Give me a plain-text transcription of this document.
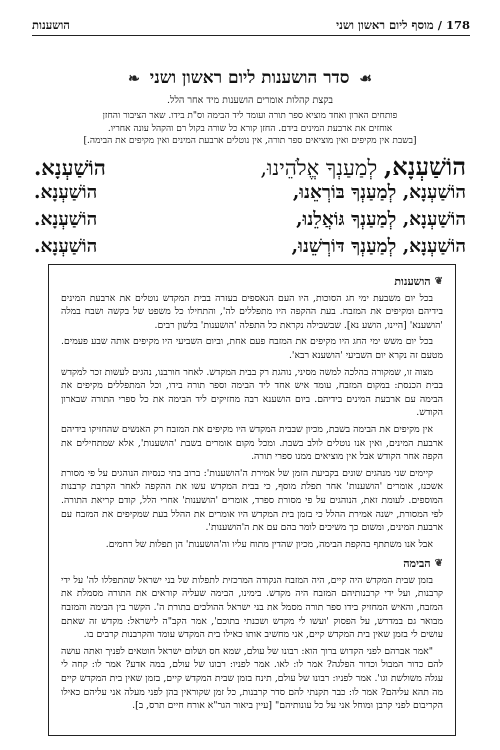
178 / מוסף ליום ראשון ושני
הושענות
☙ סדר הושענות ליום ראשון ושני ❧
בקצת קהלות אומרים הושענות מיד אחר הלל.
פותחים הארון ואחד מוציא ספר תורה ועומד ליד הבימה וס"ת בידו. שאר הציבור והחזן
אוחזים את ארבעת המינים בידם. החזן קורא כל שורה בקול רם והקהל עונה אחריו.
[בשבת אין מקיפים ואין מוציאים ספר תורה, אין נוטלים ארבעת המינים ואין מקיפים את הבימה.]
הוֹשַׁעְנָא, לְמַעַנְךָ אֱלֹהֵינוּ,
הוֹשַׁעְנָא.
הוֹשַׁעְנָא, לְמַעַנְךָ בּוֹרְאֵנוּ,
הוֹשַׁעְנָא.
הוֹשַׁעְנָא, לְמַעַנְךָ גּוֹאֲלֵנוּ,
הוֹשַׁעְנָא.
הוֹשַׁעְנָא, לְמַעַנְךָ דּוֹרְשֵׁנוּ,
הוֹשַׁעְנָא.
❦
הושענות

בכל יום משבעת ימי חג הסוכות, היו העם הנאספים בעזרה בבית המקדש נוטלים את ארבעת המינים בידיהם ומקיפים את המזבח. בעת ההקפה היו מתפללים לה', והתחילו כל משפט של בקשה ושבח במלה 'הושענא' [היינו, הושע נא]. שבשבילה נקראת כל התפלה 'הושענות' בלשון רבים.

בכל יום משש ימי החג היו מקיפים את המזבח פעם אחת, וביום השביעי היו מקיפים אותה שבע פעמים. מטעם זה נקרא יום השביעי 'הושענא רבא'.

מצוה זו, שמקורה בהלכה למשה מסיני, נוהגת רק בבית המקדש. לאחר חורבנו, נהגים לעשות זכר למקדש בבית הכנסת: במקום המזבח, עומד איש אחד ליד הבימה וספר תורה בידו, וכל המתפללים מקיפים את הבימה עם ארבעת המינים בידיהם. ביום הושענא רבה מחזיקים ליד הבימה את כל ספרי התורה שבארון הקודש.

אין מקיפים את הבימה בשבת, מכיון שבבית המקדש היו מקיפים את המזבח רק האנשים שהחזיקו בידיהם ארבעת המינים, ואין אנו נוטלים לולב בשבת. ומכל מקום אומרים בשבת 'הושענות', אלא שמתחילים את הקפה אחר הקודש אבל אין מוציאים ממנו ספרי תורה.

קיימים שני מנהגים שונים בקביעת הזמן של אמירת ה'הושענות': ברוב בתי כנסיות הנוהגים על פי מסורת אשכנז, אומרים 'הושענות' אחר תפלת מוסף, כי בבית המקדש עשו את ההקפה לאחר הקרבת קרבנות המוספים. לעומת זאת, הנוהגים על פי מסורת ספרד, אומרים 'הושענות' אחרי הלל, קודם קריאת התורה. לפי המסורת, ישנה אמירת ההלל כי בזמן בית המקדש היו אומרים את ההלל בעת שמקיפים את המזבח עם ארבעת המינים, ומשום כך משיכים לומר בהם עם את ה'הושענות'.

אבל אנו משתתף בהקפת הבימה, מכיון שהדין מתוח עליו וה'הושענות' הן תפלות של רחמים.

❦
הבימה

בזמן שבית המקדש היה קיים, היה המזבח הנקודה המרכזית לתפלות של בני ישראל שהתפללו לה' על ידי קרבנות, ועל ידי קרבנותיהם המזבח היה מקדש. בימינו, הבימה שעליה קוראים את התורה מסמלת את המזבח, והאיש המחזיק בידו ספר תורה מסמל את בני ישראל ההולכים בתורת ה'. הקשר בין הבימה והמזבח מבואר גם במדרש, על הפסוק 'ועשו לי מקדש ושכנתי בתוכם', אמר הקב"ה לישראל: מקדש זה שאתם עושים לי בזמן שאין בית המקדש קיים, אני מחשיב אותו כאילו בית המקדש עומד והקרבנות קרבים בו.

"אמר אברהם לפני הקדוש ברוך הוא: רבונו של עולם, שמא חס ושלום ישראל חוטאים לפניך ואתה עושה להם כדור המבול וכדור הפלגה? אמר לו: לאו. אמר לפניו: רבונו של עולם, במה אדע? אמר לו: קחה לי עגלה משולשת וגו'. אמר לפניו: רבונו של עולם, תינח בזמן שבית המקדש קיים, בזמן שאין בית המקדש קיים מה תהא עליהם? אמר לו: כבר תקנתי להם סדר קרבנות, כל זמן שקוראין בהן לפני מעלה אני עליהם כאילו הקריבום לפני קרבן ומוחל אני על כל עונותיהם" [עיין ביאור הגר"א אורח חיים תרס, ב].
